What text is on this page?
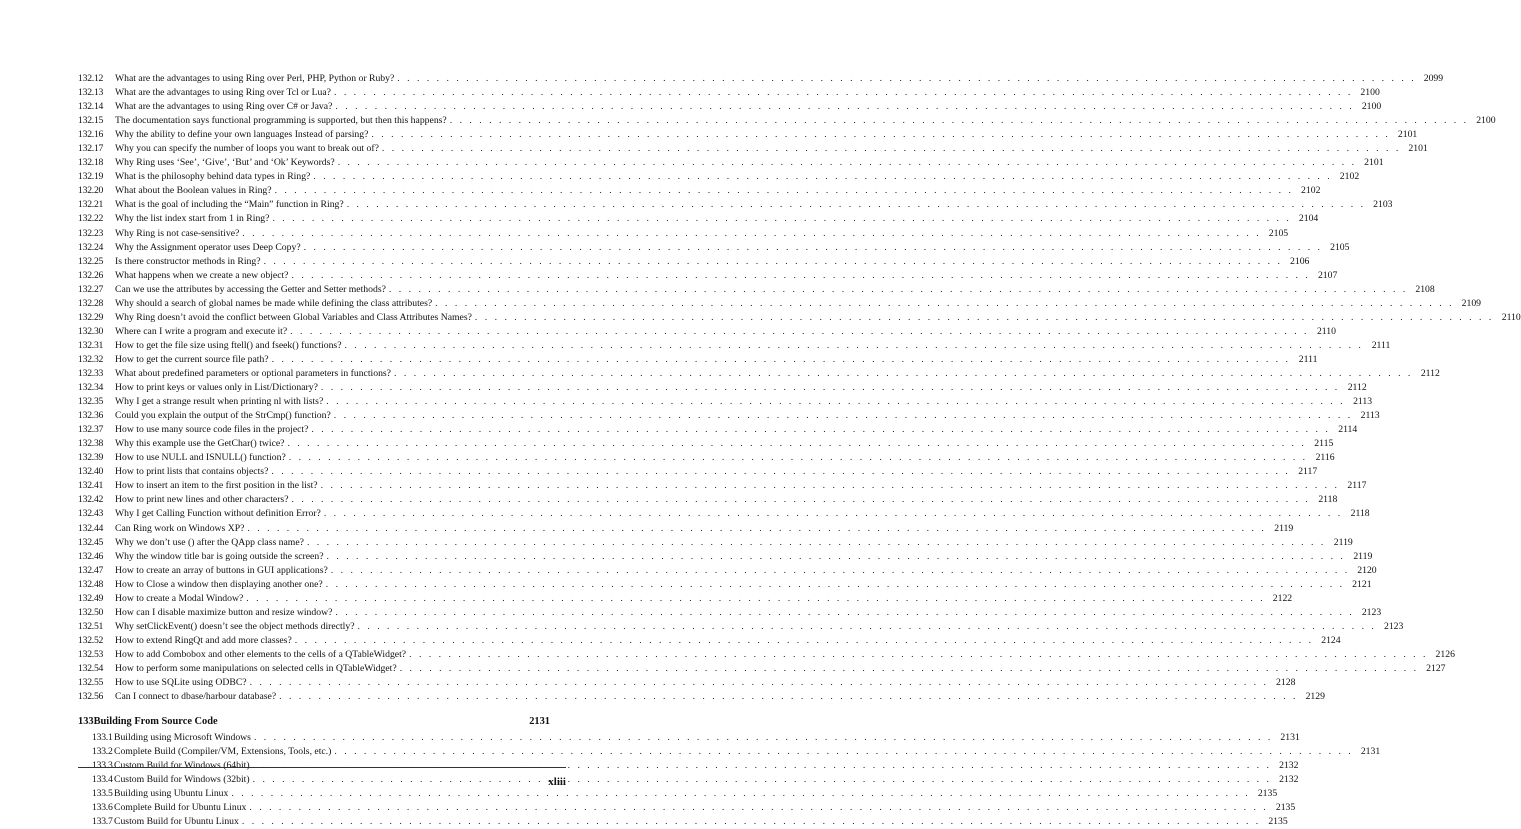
132.12	What are the advantages to using Ring over Perl, PHP, Python or Ruby? . . .	2099
132.13	What are the advantages to using Ring over Tcl or Lua? . . .	2100
132.14	What are the advantages to using Ring over C# or Java? . . .	2100
132.15	The documentation says functional programming is supported, but then this happens? . . .	2100
132.16	Why the ability to define your own languages Instead of parsing? . . .	2101
132.17	Why you can specify the number of loops you want to break out of? . . .	2101
132.18	Why Ring uses ‘See’, ‘Give’, ‘But’ and ‘Ok’ Keywords? . . .	2101
132.19	What is the philosophy behind data types in Ring? . . .	2102
132.20	What about the Boolean values in Ring? . . .	2102
132.21	What is the goal of including the “Main” function in Ring? . . .	2103
132.22	Why the list index start from 1 in Ring? . . .	2104
132.23	Why Ring is not case-sensitive? . . .	2105
132.24	Why the Assignment operator uses Deep Copy? . . .	2105
132.25	Is there constructor methods in Ring? . . .	2106
132.26	What happens when we create a new object? . . .	2107
132.27	Can we use the attributes by accessing the Getter and Setter methods? . . .	2108
132.28	Why should a search of global names be made while defining the class attributes? . . .	2109
132.29	Why Ring doesn’t avoid the conflict between Global Variables and Class Attributes Names? . . .	2110
132.30	Where can I write a program and execute it? . . .	2110
132.31	How to get the file size using ftell() and fseek() functions? . . .	2111
132.32	How to get the current source file path? . . .	2111
132.33	What about predefined parameters or optional parameters in functions? . . .	2112
132.34	How to print keys or values only in List/Dictionary? . . .	2112
132.35	Why I get a strange result when printing nl with lists? . . .	2113
132.36	Could you explain the output of the StrCmp() function? . . .	2113
132.37	How to use many source code files in the project? . . .	2114
132.38	Why this example use the GetChar() twice? . . .	2115
132.39	How to use NULL and ISNULL() function? . . .	2116
132.40	How to print lists that contains objects? . . .	2117
132.41	How to insert an item to the first position in the list? . . .	2117
132.42	How to print new lines and other characters? . . .	2118
132.43	Why I get Calling Function without definition Error? . . .	2118
132.44	Can Ring work on Windows XP? . . .	2119
132.45	Why we don’t use () after the QApp class name? . . .	2119
132.46	Why the window title bar is going outside the screen? . . .	2119
132.47	How to create an array of buttons in GUI applications? . . .	2120
132.48	How to Close a window then displaying another one? . . .	2121
132.49	How to create a Modal Window? . . .	2122
132.50	How can I disable maximize button and resize window? . . .	2123
132.51	Why setClickEvent() doesn’t see the object methods directly? . . .	2123
132.52	How to extend RingQt and add more classes? . . .	2124
132.53	How to add Combobox and other elements to the cells of a QTableWidget? . . .	2126
132.54	How to perform some manipulations on selected cells in QTableWidget? . . .	2127
132.55	How to use SQLite using ODBC? . . .	2128
132.56	Can I connect to dbase/harbour database? . . .	2129
133 Building From Source Code	2131
133.1 Building using Microsoft Windows . . .	2131
133.2 Complete Build (Compiler/VM, Extensions, Tools, etc.) . . .	2131
133.3 Custom Build for Windows (64bit) . . .	2132
133.4 Custom Build for Windows (32bit) . . .	2132
133.5 Building using Ubuntu Linux . . .	2135
133.6 Complete Build for Ubuntu Linux . . .	2135
133.7 Custom Build for Ubuntu Linux . . .	2135
xliii
